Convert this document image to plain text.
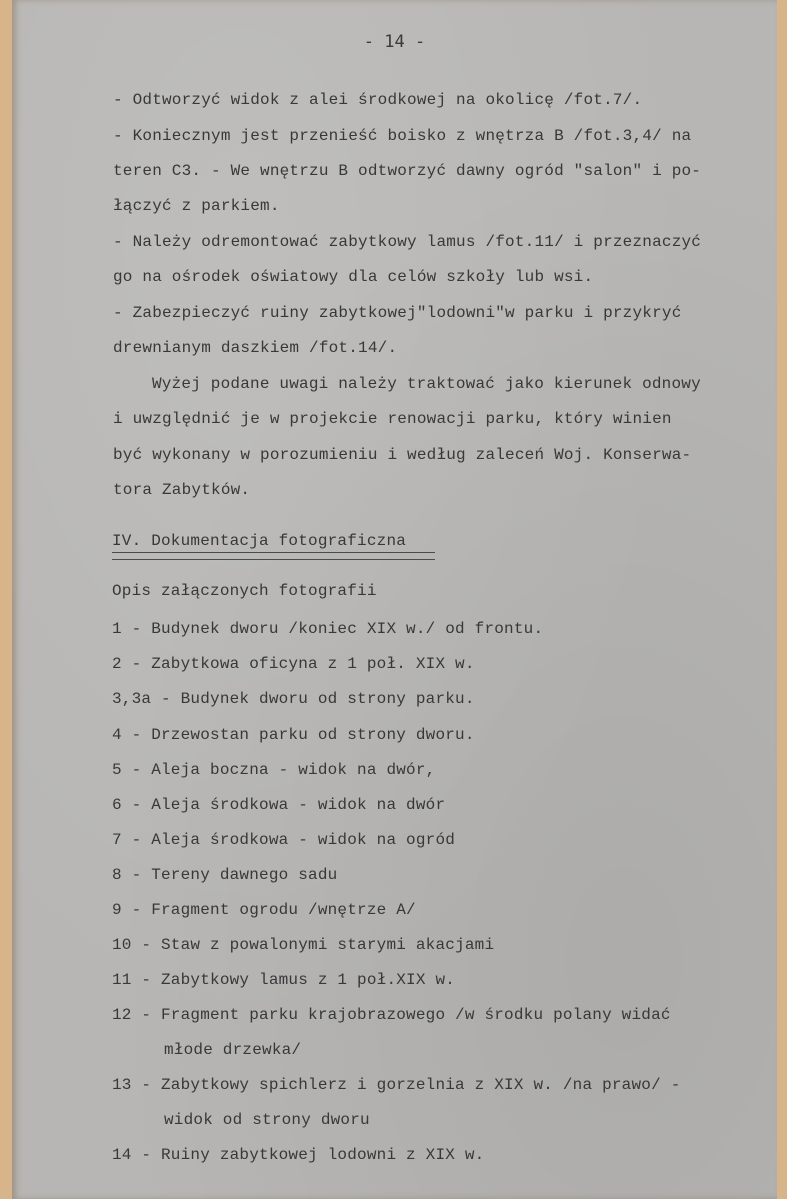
- 14 -
- Odtworzyć widok z alei środkowej na okolicę /fot.7/.
- Koniecznym jest przenieść boisko z wnętrza B /fot.3,4/ na
teren C3. - We wnętrzu B odtworzyć dawny ogród "salon" i po-
łączyć z parkiem.
- Należy odremontować zabytkowy lamus /fot.11/ i przeznaczyć
go na ośrodek oświatowy dla celów szkoły lub wsi.
- Zabezpieczyć ruiny zabytkowej"lodowni"w parku i przykryć
drewnianym daszkiem /fot.14/.
Wyżej podane uwagi należy traktować jako kierunek odnowy
i uwzględnić je w projekcie renowacji parku, który winien
być wykonany w porozumieniu i według zaleceń Woj. Konserwa-
tora Zabytków.
IV. Dokumentacja fotograficzna
Opis załączonych fotografii
1 - Budynek dworu /koniec XIX w./ od frontu.
2 - Zabytkowa oficyna z 1 poł. XIX w.
3,3a - Budynek dworu od strony parku.
4 - Drzewostan parku od strony dworu.
5 - Aleja boczna - widok na dwór,
6 - Aleja środkowa - widok na dwór
7 - Aleja środkowa - widok na ogród
8 - Tereny dawnego sadu
9 - Fragment ogrodu /wnętrze A/
10 - Staw z powalonymi starymi akacjami
11 - Zabytkowy lamus z 1 poł.XIX w.
12 - Fragment parku krajobrazowego /w środku polany widać
młode drzewka/
13 - Zabytkowy spichlerz i gorzelnia z XIX w. /na prawo/ -
widok od strony dworu
14 - Ruiny zabytkowej lodowni z XIX w.
